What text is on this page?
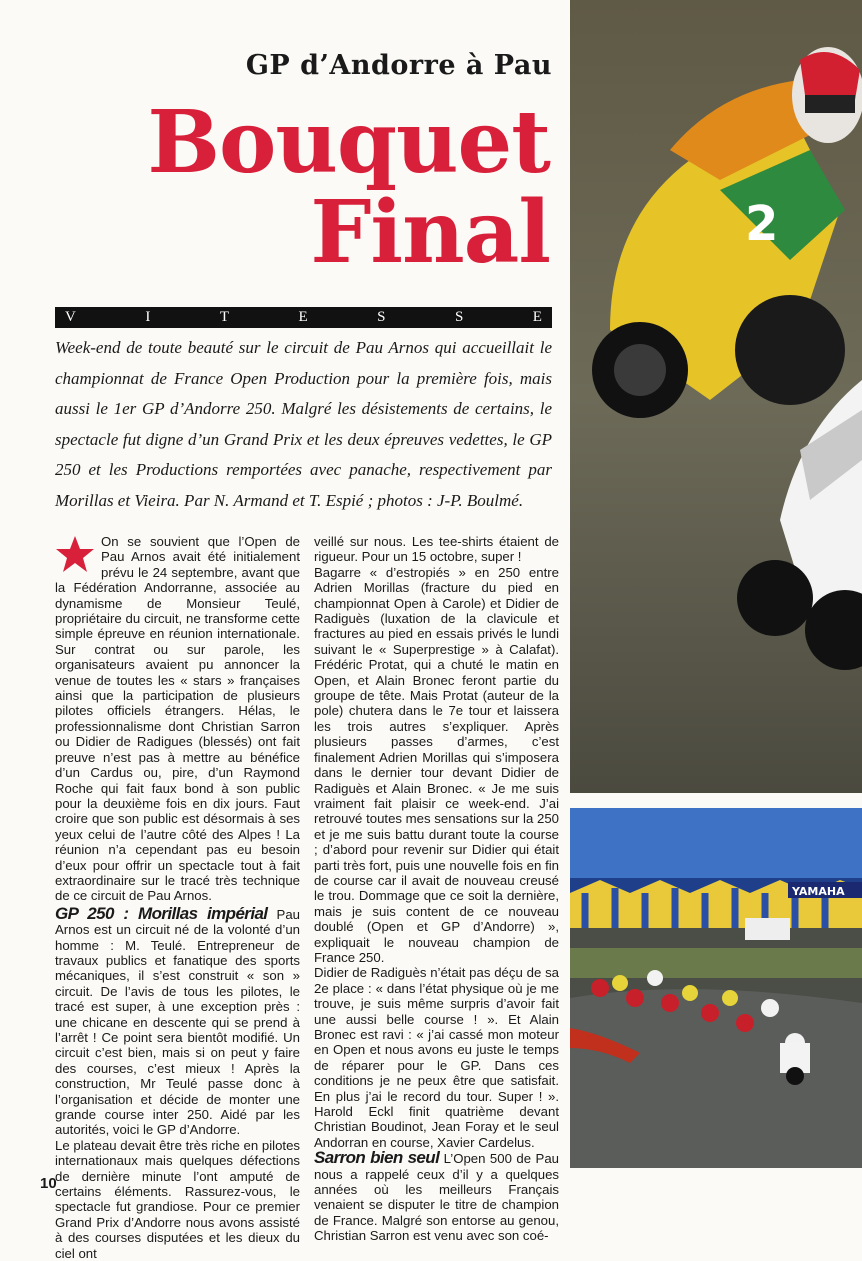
GP d’Andorre à Pau
Bouquet
Final
V	I	T	E	S	S	E
Week-end de toute beauté sur le circuit de Pau Arnos qui accueillait le championnat de France Open Production pour la première fois, mais aussi le 1er GP d’Andorre 250. Malgré les désistements de certains, le spectacle fut digne d’un Grand Prix et les deux épreuves vedettes, le GP 250 et les Productions remportées avec panache, respectivement par Morillas et Vieira. Par N. Armand et T. Espié ; photos : J-P. Boulmé.

On se souvient que l’Open de Pau Arnos avait été initialement prévu le 24 septembre, avant que la Fédération Andorranne, associée au dynamisme de Monsieur Teulé, propriétaire du circuit, ne transforme cette simple épreuve en réunion internationale. Sur contrat ou sur parole, les organisateurs avaient pu annoncer la venue de toutes les « stars » françaises ainsi que la participation de plusieurs pilotes officiels étrangers. Hélas, le professionnalisme dont Christian Sarron ou Didier de Radigues (blessés) ont fait preuve n’est pas à mettre au bénéfice d’un Cardus ou, pire, d’un Raymond Roche qui fait faux bond à son public pour la deuxième fois en dix jours. Faut croire que son public est désormais à ses yeux celui de l’autre côté des Alpes ! La réunion n’a cependant pas eu besoin d’eux pour offrir un spectacle tout à fait extraordinaire sur le tracé très technique de ce circuit de Pau Arnos.

GP 250 : Morillas impérial Pau Arnos est un circuit né de la volonté d’un homme : M. Teulé. Entrepreneur de travaux publics et fanatique des sports mécaniques, il s’est construit « son » circuit. De l’avis de tous les pilotes, le tracé est super, à une exception près : une chicane en descente qui se prend à l’arrêt ! Ce point sera bientôt modifié. Un circuit c’est bien, mais si on peut y faire des courses, c’est mieux ! Après la construction, Mr Teulé passe donc à l’organisation et décide de monter une grande course inter 250. Aidé par les autorités, voici le GP d’Andorre.

Le plateau devait être très riche en pilotes internationaux mais quelques défections de dernière minute l’ont amputé de certains éléments. Rassurez-vous, le spectacle fut grandiose. Pour ce premier Grand Prix d’Andorre nous avons assisté à des courses disputées et les dieux du ciel ont

veillé sur nous. Les tee-shirts étaient de rigueur. Pour un 15 octobre, super !

Bagarre « d’estropiés » en 250 entre Adrien Morillas (fracture du pied en championnat Open à Carole) et Didier de Radiguès (luxation de la clavicule et fractures au pied en essais privés le lundi suivant le « Superprestige » à Calafat). Frédéric Protat, qui a chuté le matin en Open, et Alain Bronec feront partie du groupe de tête. Mais Protat (auteur de la pole) chutera dans le 7e tour et laissera les trois autres s’expliquer. Après plusieurs passes d’armes, c’est finalement Adrien Morillas qui s’imposera dans le dernier tour devant Didier de Radiguès et Alain Bronec. « Je me suis vraiment fait plaisir ce week-end. J’ai retrouvé toutes mes sensations sur la 250 et je me suis battu durant toute la course ; d’abord pour revenir sur Didier qui était parti très fort, puis une nouvelle fois en fin de course car il avait de nouveau creusé le trou. Dommage que ce soit la dernière, mais je suis content de ce nouveau doublé (Open et GP d’Andorre) », expliquait le nouveau champion de France 250.

Didier de Radiguès n’était pas déçu de sa 2e place : « dans l’état physique où je me trouve, je suis même surpris d’avoir fait une aussi belle course ! ». Et Alain Bronec est ravi : « j’ai cassé mon moteur en Open et nous avons eu juste le temps de réparer pour le GP. Dans ces conditions je ne peux être que satisfait. En plus j’ai le record du tour. Super ! ». Harold Eckl finit quatrième devant Christian Boudinot, Jean Foray et le seul Andorran en course, Xavier Cardelus.

Sarron bien seul L’Open 500 de Pau nous a rappelé ceux d’il y a quelques années où les meilleurs Français venaient se disputer le titre de champion de France. Malgré son entorse au genou, Christian Sarron est venu avec son coé-

10
2
YAMAHA
